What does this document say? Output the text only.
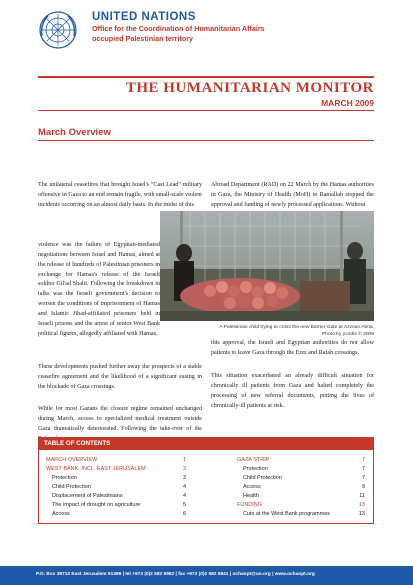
UNITED NATIONS
Office for the Coordination of Humanitarian Affairs
occupied Palestinian territory
THE HUMANITARIAN MONITOR
MARCH 2009
March Overview

The unilateral ceasefires that brought Israel's "Cast Lead" military offensive in Gaza to an end remain fragile, with small-scale violent incidents occurring on an almost daily basis. In the midst of this

violence was the failure of Egyptian-mediated negotiations between Israel and Hamas, aimed at the release of hundreds of Palestinian prisoners in exchange for Hamas's release of the Israeli soldier Gil'ad Shalit. Following the breakdown in talks was the Israeli government's decision to worsen the conditions of imprisonment of Hamas and Islamic Jihad-affiliated prisoners held in Israeli prisons and the arrest of senior West Bank political figures, allegedly affiliated with Hamas.

These developments pushed further away the prospects of a stable ceasefire agreement and the likelihood of a significant easing in the blockade of Gaza crossings.

While for most Gazans the closure regime remained unchanged during March, access to specialized medical treatment outside Gaza dramatically deteriorated. Following the take-over of the

Abroad Department (RAD) on 22 March by the Hamas authorities in Gaza, the Ministry of Health (MoH) in Ramallah stopped the approval and funding of newly processed applications. Without

this approval, the Israeli and Egyptian authorities do not allow patients to leave Gaza through the Erez and Rafah crossings.

This situation exacerbated an already difficult situation for chronically ill patients from Gaza and halted completely the processing of new referral documents, putting the lives of chronically-ill patients at risk.

A Palestinian child trying to cross the new Barrier Gate at Azzoun Atma.
Photo by jcordis © 2009
TABLE OF CONTENTS
MARCH OVERVIEW	1
WEST BANK, INCL. EAST JERUSALEM	3
Protection	3
Child Protection	4
Displacement of Palestinians	4
The impact of drought on agriculture	5
Access	6
GAZA STRIP	7
Protection	7
Child Protection	7
Access	9
Health	11
FUNDING	13
Cuts at the West Bank programmes	13
P.O. Box 38712 East Jerusalem 91386 | tel +972 (0)2 582 9962 | fax +972 (0)2 582 5841 | ochaopt@un.org | www.ochaopt.org
